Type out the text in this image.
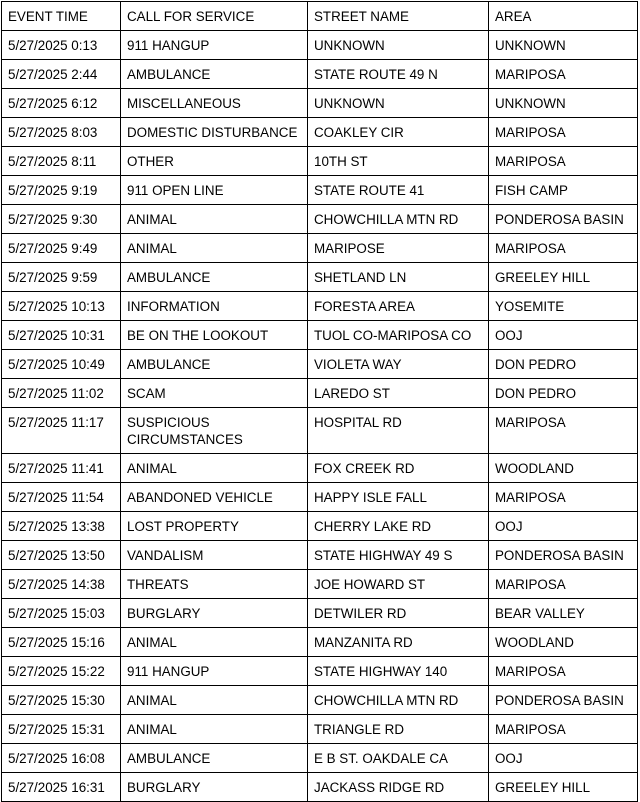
EVENT TIME	CALL FOR SERVICE	STREET NAME	AREA
5/27/2025 0:13	911 HANGUP	UNKNOWN	UNKNOWN
5/27/2025 2:44	AMBULANCE	STATE ROUTE 49 N	MARIPOSA
5/27/2025 6:12	MISCELLANEOUS	UNKNOWN	UNKNOWN
5/27/2025 8:03	DOMESTIC DISTURBANCE	COAKLEY CIR	MARIPOSA
5/27/2025 8:11	OTHER	10TH ST	MARIPOSA
5/27/2025 9:19	911 OPEN LINE	STATE ROUTE 41	FISH CAMP
5/27/2025 9:30	ANIMAL	CHOWCHILLA MTN RD	PONDEROSA BASIN
5/27/2025 9:49	ANIMAL	MARIPOSE	MARIPOSA
5/27/2025 9:59	AMBULANCE	SHETLAND LN	GREELEY HILL
5/27/2025 10:13	INFORMATION	FORESTA AREA	YOSEMITE
5/27/2025 10:31	BE ON THE LOOKOUT	TUOL CO-MARIPOSA CO	OOJ
5/27/2025 10:49	AMBULANCE	VIOLETA WAY	DON PEDRO
5/27/2025 11:02	SCAM	LAREDO ST	DON PEDRO
5/27/2025 11:17	SUSPICIOUS CIRCUMSTANCES	HOSPITAL RD	MARIPOSA
5/27/2025 11:41	ANIMAL	FOX CREEK RD	WOODLAND
5/27/2025 11:54	ABANDONED VEHICLE	HAPPY ISLE FALL	MARIPOSA
5/27/2025 13:38	LOST PROPERTY	CHERRY LAKE RD	OOJ
5/27/2025 13:50	VANDALISM	STATE HIGHWAY 49 S	PONDEROSA BASIN
5/27/2025 14:38	THREATS	JOE HOWARD ST	MARIPOSA
5/27/2025 15:03	BURGLARY	DETWILER RD	BEAR VALLEY
5/27/2025 15:16	ANIMAL	MANZANITA RD	WOODLAND
5/27/2025 15:22	911 HANGUP	STATE HIGHWAY 140	MARIPOSA
5/27/2025 15:30	ANIMAL	CHOWCHILLA MTN RD	PONDEROSA BASIN
5/27/2025 15:31	ANIMAL	TRIANGLE RD	MARIPOSA
5/27/2025 16:08	AMBULANCE	E B ST. OAKDALE CA	OOJ
5/27/2025 16:31	BURGLARY	JACKASS RIDGE RD	GREELEY HILL
